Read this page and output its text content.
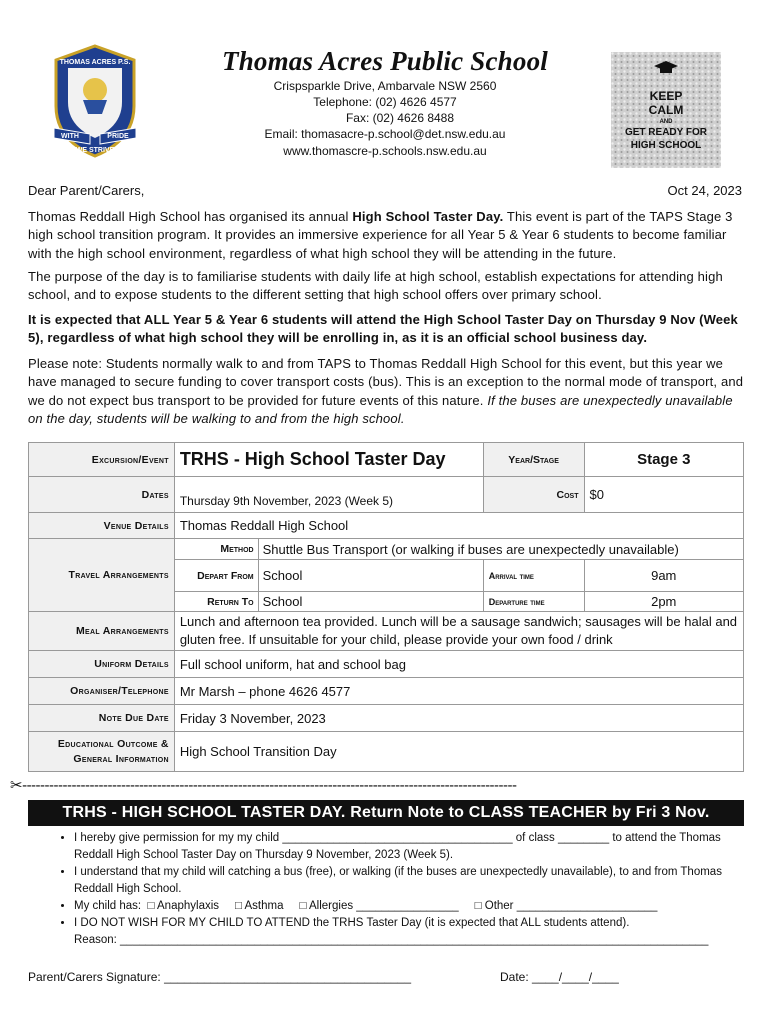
THOMAS ACRES P.S.
WITH	PRIDE
WE STRIVE
Thomas Acres Public School
Crispsparkle Drive, Ambarvale NSW 2560
Telephone: (02) 4626 4577
Fax: (02) 4626 8488
Email: thomasacre-p.school@det.nsw.edu.au
www.thomascre-p.schools.nsw.edu.au
KEEP
CALM
AND
GET READY FOR
HIGH SCHOOL
Dear Parent/Carers,	Oct 24, 2023
Thomas Reddall High School has organised its annual High School Taster Day. This event is part of the TAPS Stage 3 high school transition program. It provides an immersive experience for all Year 5 & Year 6 students to become familiar with the high school environment, regardless of what high school they will be attending in the future.
The purpose of the day is to familiarise students with daily life at high school, establish expectations for attending high school, and to expose students to the different setting that high school offers over primary school.
It is expected that ALL Year 5 & Year 6 students will attend the High School Taster Day on Thursday 9 Nov (Week 5), regardless of what high school they will be enrolling in, as it is an official school business day.
Please note: Students normally walk to and from TAPS to Thomas Reddall High School for this event, but this year we have managed to secure funding to cover transport costs (bus). This is an exception to the normal mode of transport, and we do not expect bus transport to be provided for future events of this nature. If the buses are unexpectedly unavailable on the day, students will be walking to and from the high school.
Excursion/Event	TRHS - High School Taster Day		Year/Stage	Stage 3
Dates	Thursday 9th November, 2023 (Week 5)		Cost	$0
Venue Details	Thomas Reddall High School			
Travel Arrangements	Method	Shuttle Bus Transport (or walking if buses are unexpectedly unavailable)		
	Depart From	School	Arrival time	9am
	Return To	School	Departure time	2pm
Meal Arrangements	Lunch and afternoon tea provided. Lunch will be a sausage sandwich; sausages will be halal and gluten free. If unsuitable for your child, please provide your own food / drink			
Uniform Details	Full school uniform, hat and school bag			
Organiser/Telephone	Mr Marsh – phone 4626 4577			
Note Due Date	Friday 3 November, 2023			
Educational Outcome & General Information	High School Transition Day			
✂--------------------------------------------------------------------------------------------------------------
TRHS - HIGH SCHOOL TASTER DAY. Return Note to CLASS TEACHER by Fri 3 Nov.
• I hereby give permission for my my child ____________________________________ of class ________ to attend the Thomas Reddall High School Taster Day on Thursday 9 November, 2023 (Week 5).
• I understand that my child will catching a bus (free), or walking (if the buses are unexpectedly unavailable), to and from Thomas Reddall High School.
• My child has: □ Anaphylaxis □ Asthma □ Allergies ________________ □ Other ______________________
• I DO NOT WISH FOR MY CHILD TO ATTEND the TRHS Taster Day (it is expected that ALL students attend).
Reason: ____________________________________________________________________________________________
Parent/Carers Signature: _____________________________________	Date: ____/____/____
